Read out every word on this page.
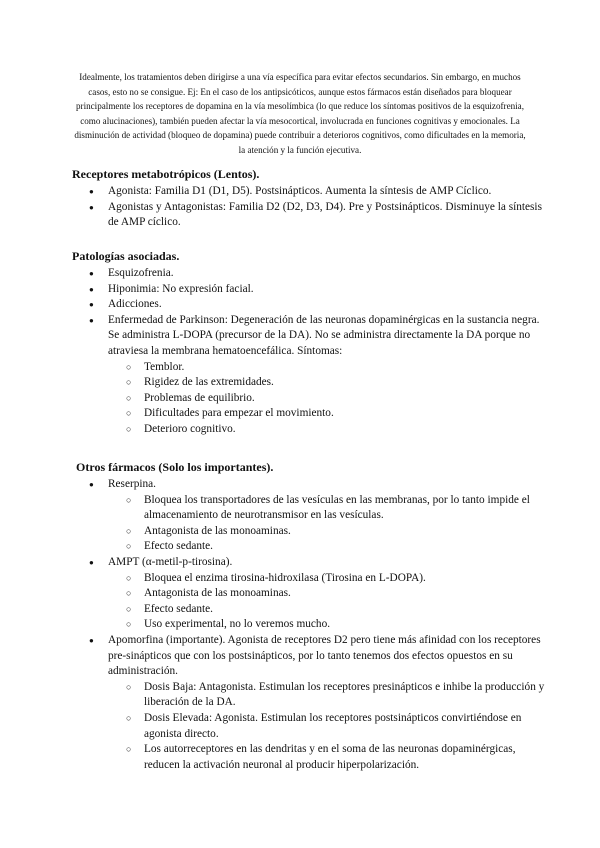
Idealmente, los tratamientos deben dirigirse a una vía específica para evitar efectos secundarios. Sin embargo, en muchos casos, esto no se consigue. Ej: En el caso de los antipsicóticos, aunque estos fármacos están diseñados para bloquear principalmente los receptores de dopamina en la vía mesolímbica (lo que reduce los síntomas positivos de la esquizofrenia, como alucinaciones), también pueden afectar la vía mesocortical, involucrada en funciones cognitivas y emocionales. La disminución de actividad (bloqueo de dopamina) puede contribuir a deterioros cognitivos, como dificultades en la memoria, la atención y la función ejecutiva.

Receptores metabotrópicos (Lentos).

● Agonista: Familia D1 (D1, D5). Postsinápticos. Aumenta la síntesis de AMP Cíclico.
● Agonistas y Antagonistas: Familia D2 (D2, D3, D4). Pre y Postsinápticos. Disminuye la síntesis de AMP cíclico.

Patologías asociadas.

● Esquizofrenia.
● Hiponimia: No expresión facial.
● Adicciones.
● Enfermedad de Parkinson: Degeneración de las neuronas dopaminérgicas en la sustancia negra. Se administra L-DOPA (precursor de la DA). No se administra directamente la DA porque no atraviesa la membrana hematoencefálica. Síntomas:
○ Temblor.
○ Rigidez de las extremidades.
○ Problemas de equilibrio.
○ Dificultades para empezar el movimiento.
○ Deterioro cognitivo.

Otros fármacos (Solo los importantes).

● Reserpina.
○ Bloquea los transportadores de las vesículas en las membranas, por lo tanto impide el almacenamiento de neurotransmisor en las vesículas.
○ Antagonista de las monoaminas.
○ Efecto sedante.
● AMPT (α-metil-p-tirosina).
○ Bloquea el enzima tirosina-hidroxilasa (Tirosina en L-DOPA).
○ Antagonista de las monoaminas.
○ Efecto sedante.
○ Uso experimental, no lo veremos mucho.
● Apomorfina (importante). Agonista de receptores D2 pero tiene más afinidad con los receptores pre-sinápticos que con los postsinápticos, por lo tanto tenemos dos efectos opuestos en su administración.
○ Dosis Baja: Antagonista. Estimulan los receptores presinápticos e inhibe la producción y liberación de la DA.
○ Dosis Elevada: Agonista. Estimulan los receptores postsinápticos convirtiéndose en agonista directo.
○ Los autorreceptores en las dendritas y en el soma de las neuronas dopaminérgicas, reducen la activación neuronal al producir hiperpolarización.
